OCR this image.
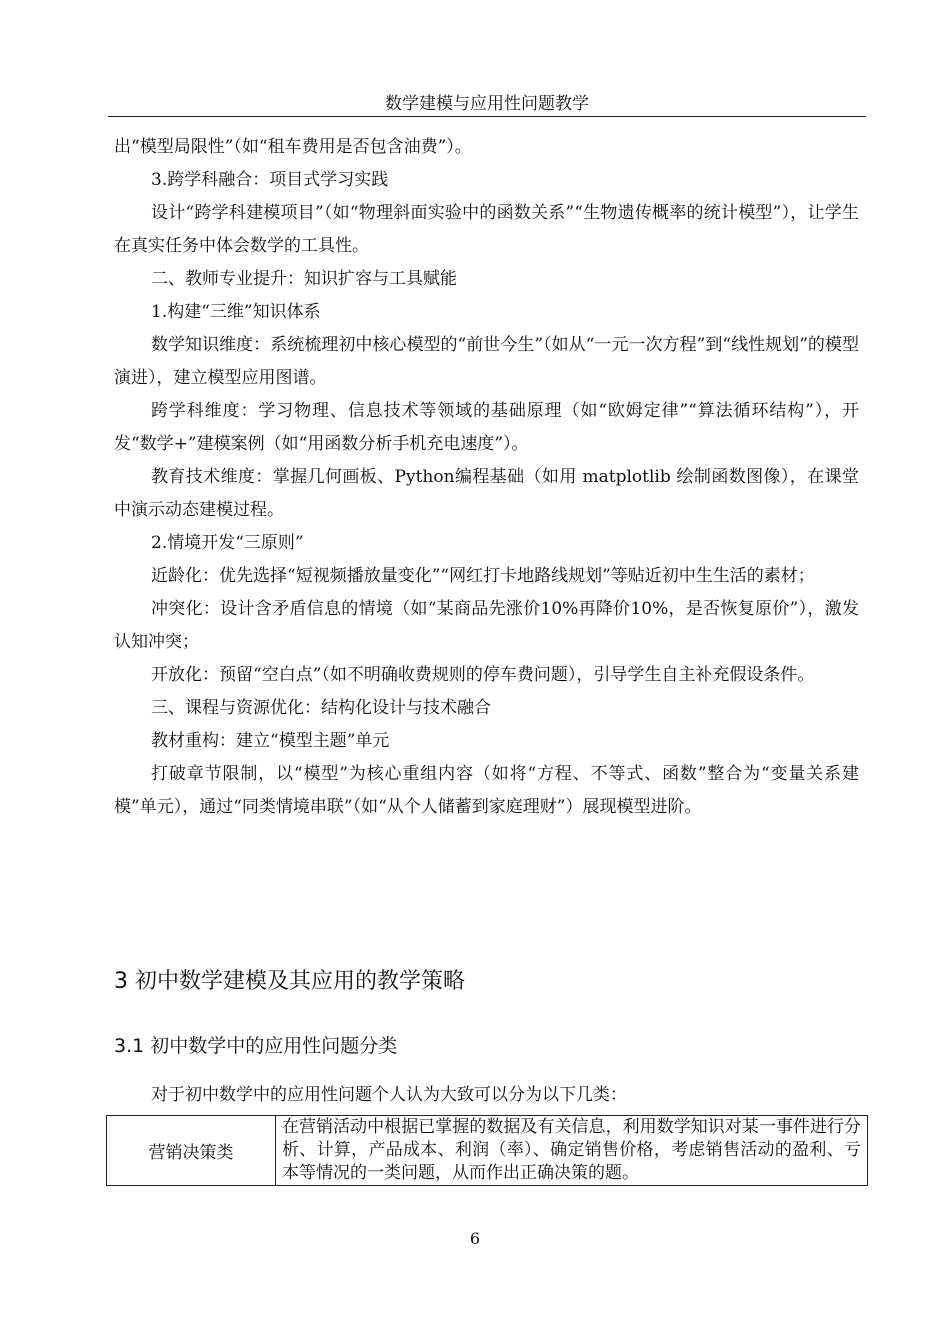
数学建模与应用性问题教学

出“模型局限性”（如“租车费用是否包含油费”）。

3.跨学科融合：项目式学习实践

设计“跨学科建模项目”（如“物理斜面实验中的函数关系”“生物遗传概率的统计模型”），让学生在真实任务中体会数学的工具性。

二、教师专业提升：知识扩容与工具赋能

1.构建“三维”知识体系

数学知识维度：系统梳理初中核心模型的“前世今生”（如从“一元一次方程”到“线性规划”的模型演进），建立模型应用图谱。

跨学科维度：学习物理、信息技术等领域的基础原理（如“欧姆定律”“算法循环结构”），开发“数学+”建模案例（如“用函数分析手机充电速度”）。

教育技术维度：掌握几何画板、Python编程基础（如用 matplotlib 绘制函数图像），在课堂中演示动态建模过程。

2.情境开发“三原则”

近龄化：优先选择“短视频播放量变化”“网红打卡地路线规划”等贴近初中生生活的素材；

冲突化：设计含矛盾信息的情境（如“某商品先涨价10%再降价10%，是否恢复原价”），激发认知冲突；

开放化：预留“空白点”（如不明确收费规则的停车费问题），引导学生自主补充假设条件。

三、课程与资源优化：结构化设计与技术融合

教材重构：建立“模型主题”单元

打破章节限制，以“模型”为核心重组内容（如将“方程、不等式、函数”整合为“变量关系建模”单元），通过“同类情境串联”（如“从个人储蓄到家庭理财”）展现模型进阶。

3 初中数学建模及其应用的教学策略
3.1 初中数学中的应用性问题分类

对于初中数学中的应用性问题个人认为大致可以分为以下几类：

营销决策类	在营销活动中根据已掌握的数据及有关信息，利用数学知识对某一事件进行分析、计算，产品成本、利润（率）、确定销售价格，考虑销售活动的盈利、亏本等情况的一类问题，从而作出正确决策的题。
6
